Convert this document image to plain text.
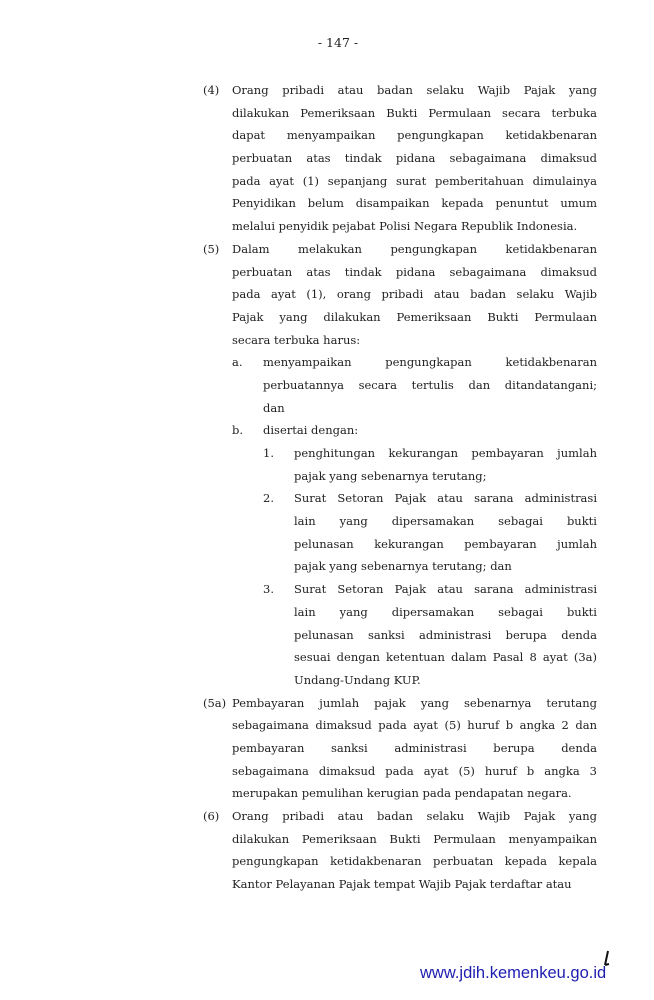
- 147 -
(4) Orang pribadi atau badan selaku Wajib Pajak yang
dilakukan Pemeriksaan Bukti Permulaan secara terbuka
dapat menyampaikan pengungkapan ketidakbenaran
perbuatan atas tindak pidana sebagaimana dimaksud
pada ayat (1) sepanjang surat pemberitahuan dimulainya
Penyidikan belum disampaikan kepada penuntut umum
melalui penyidik pejabat Polisi Negara Republik Indonesia.
(5) Dalam melakukan pengungkapan ketidakbenaran
perbuatan atas tindak pidana sebagaimana dimaksud
pada ayat (1), orang pribadi atau badan selaku Wajib
Pajak yang dilakukan Pemeriksaan Bukti Permulaan
secara terbuka harus:
a. menyampaikan pengungkapan ketidakbenaran
perbuatannya secara tertulis dan ditandatangani;
dan
b. disertai dengan:
1. penghitungan kekurangan pembayaran jumlah
pajak yang sebenarnya terutang;
2. Surat Setoran Pajak atau sarana administrasi
lain yang dipersamakan sebagai bukti
pelunasan kekurangan pembayaran jumlah
pajak yang sebenarnya terutang; dan
3. Surat Setoran Pajak atau sarana administrasi
lain yang dipersamakan sebagai bukti
pelunasan sanksi administrasi berupa denda
sesuai dengan ketentuan dalam Pasal 8 ayat (3a)
Undang-Undang KUP.
(5a) Pembayaran jumlah pajak yang sebenarnya terutang
sebagaimana dimaksud pada ayat (5) huruf b angka 2 dan
pembayaran sanksi administrasi berupa denda
sebagaimana dimaksud pada ayat (5) huruf b angka 3
merupakan pemulihan kerugian pada pendapatan negara.
(6) Orang pribadi atau badan selaku Wajib Pajak yang
dilakukan Pemeriksaan Bukti Permulaan menyampaikan
pengungkapan ketidakbenaran perbuatan kepada kepala
Kantor Pelayanan Pajak tempat Wajib Pajak terdaftar atau
www.jdih.kemenkeu.go.id
